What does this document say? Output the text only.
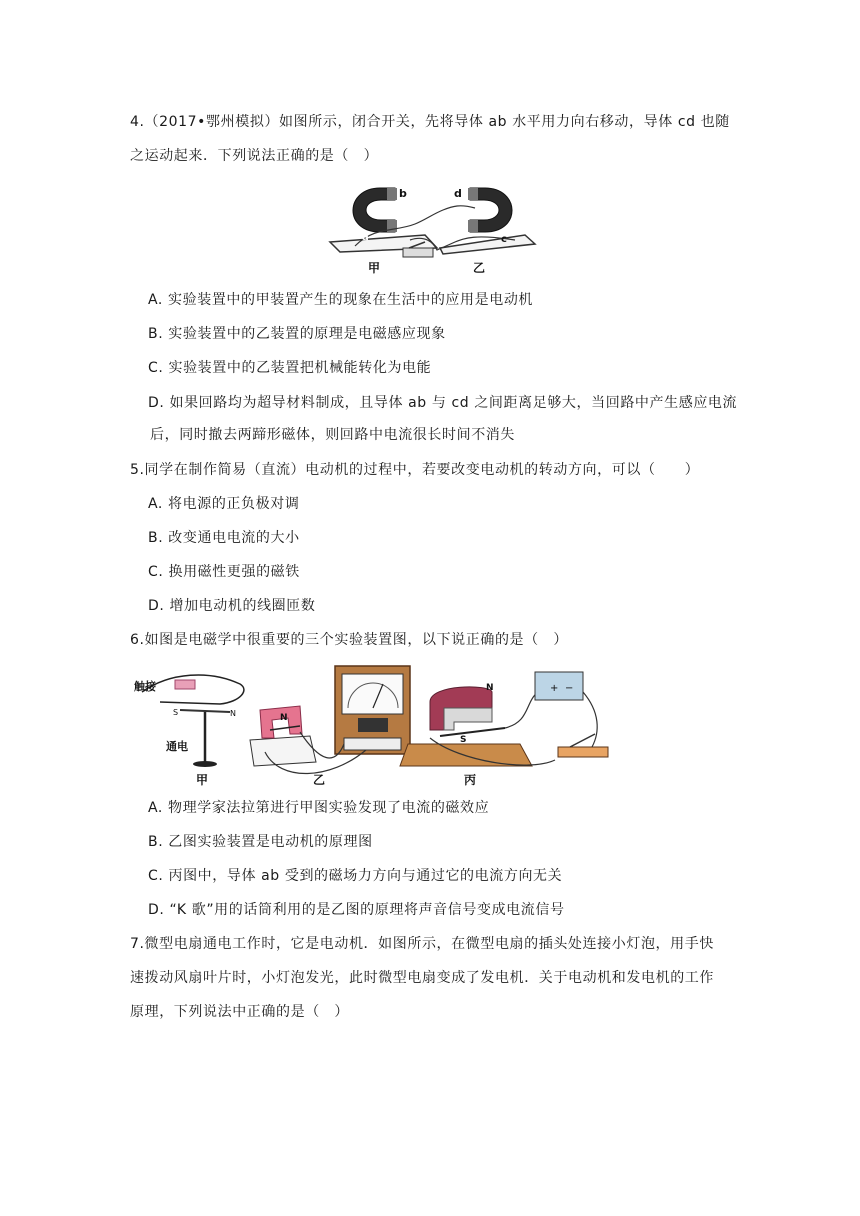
4.（2017•鄂州模拟）如图所示，闭合开关，先将导体 ab 水平用力向右移动，导体 cd 也随
之运动起来．下列说法正确的是（　）
a
b
c
d
甲	乙
A. 实验装置中的甲装置产生的现象在生活中的应用是电动机
B. 实验装置中的乙装置的原理是电磁感应现象
C. 实验装置中的乙装置把机械能转化为电能
D. 如果回路均为超导材料制成，且导体 ab 与 cd 之间距离足够大，当回路中产生感应电流
后，同时撤去两蹄形磁体，则回路中电流很长时间不消失
5.同学在制作简易（直流）电动机的过程中，若要改变电动机的转动方向，可以（　　）
A. 将电源的正负极对调
B. 改变通电电流的大小
C. 换用磁性更强的磁铁
D. 增加电动机的线圈匝数
6.如图是电磁学中很重要的三个实验装置图，以下说正确的是（　）
S	N
触接
通电
甲
N
乙
N
S
+ −
丙
A. 物理学家法拉第进行甲图实验发现了电流的磁效应
B. 乙图实验装置是电动机的原理图
C. 丙图中，导体 ab 受到的磁场力方向与通过它的电流方向无关
D. “K 歌”用的话筒利用的是乙图的原理将声音信号变成电流信号
7.微型电扇通电工作时，它是电动机．如图所示，在微型电扇的插头处连接小灯泡，用手快
速拨动风扇叶片时，小灯泡发光，此时微型电扇变成了发电机．关于电动机和发电机的工作
原理，下列说法中正确的是（　）
